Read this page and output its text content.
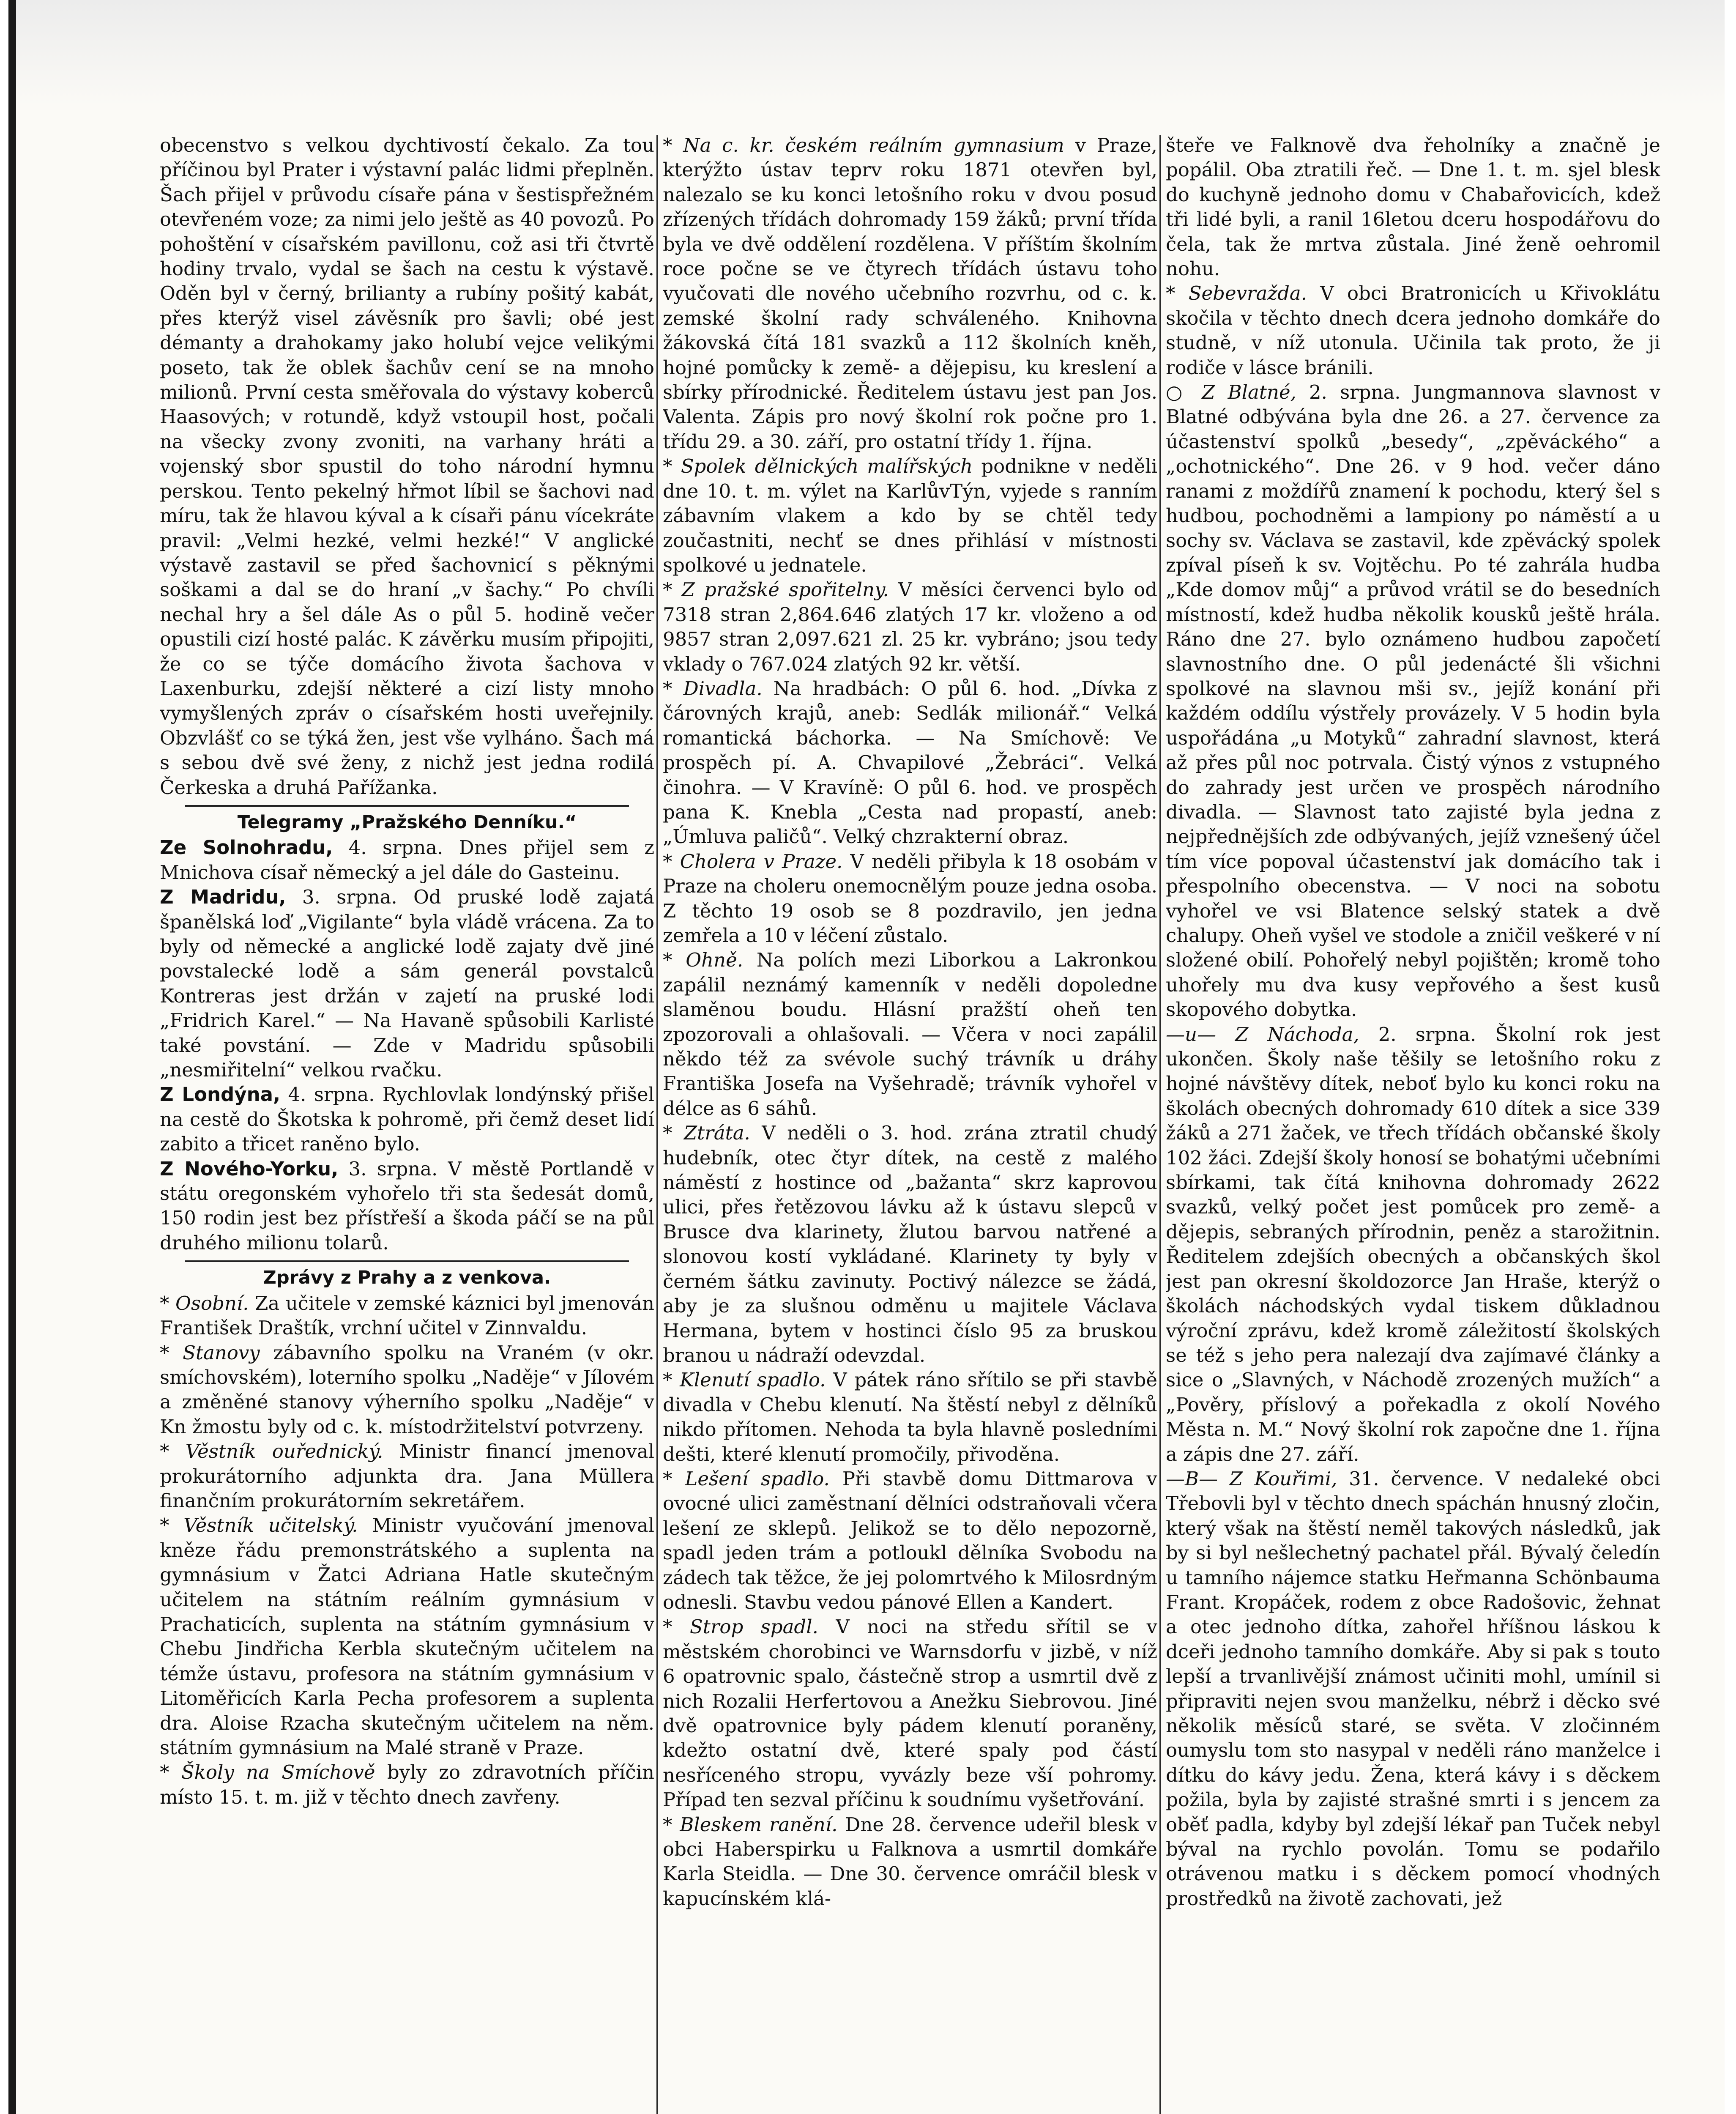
obecenstvo s velkou dychtivostí čekalo. Za tou příčinou byl Prater i výstavní palác lidmi přeplněn. Šach přijel v průvodu císaře pána v šestispřežném otevřeném voze; za nimi jelo ještě as 40 povozů. Po pohoštění v císařském pavillonu, což asi tři čtvrtě hodiny trvalo, vydal se šach na cestu k výstavě. Oděn byl v černý, brilianty a rubíny pošitý kabát, přes kterýž visel závěsník pro šavli; obé jest démanty a drahokamy jako holubí vejce velikými poseto, tak že oblek šachův cení se na mnoho milionů. První cesta směřovala do výstavy koberců Haasových; v rotundě, když vstoupil host, počali na všecky zvony zvoniti, na varhany hráti a vojenský sbor spustil do toho národní hymnu perskou. Tento pekelný hřmot líbil se šachovi nad míru, tak že hlavou kýval a k císaři pánu vícekráte pravil: „Velmi hezké, velmi hezké!“ V anglické výstavě zastavil se před šachovnicí s pěknými soškami a dal se do hraní „v šachy.“ Po chvíli nechal hry a šel dále As o půl 5. hodině večer opustili cizí hosté palác. K závěrku musím připojiti, že co se týče domácího života šachova v Laxenburku, zdejší některé a cizí listy mnoho vymyšlených zpráv o císařském hosti uveřejnily. Obzvlášť co se týká žen, jest vše vylháno. Šach má s sebou dvě své ženy, z nichž jest jedna rodilá Čerkeska a druhá Pařížanka.

Telegramy „Pražského Denníku.“

Ze Solnohradu, 4. srpna. Dnes přijel sem z Mnichova císař německý a jel dále do Gasteinu.

Z Madridu, 3. srpna. Od pruské lodě zajatá španělská loď „Vigilante“ byla vládě vrácena. Za to byly od německé a anglické lodě zajaty dvě jiné povstalecké lodě a sám generál povstalců Kontreras jest držán v zajetí na pruské lodi „Fridrich Karel.“ — Na Havaně spůsobili Karlisté také povstání. — Zde v Madridu spůsobili „nesmiřitelní“ velkou rvačku.

Z Londýna, 4. srpna. Rychlovlak londýnský přišel na cestě do Škotska k pohromě, při čemž deset lidí zabito a třicet raněno bylo.

Z Nového-Yorku, 3. srpna. V městě Portlandě v státu oregonském vyhořelo tři sta šedesát domů, 150 rodin jest bez přístřeší a škoda páčí se na půl druhého milionu tolarů.

Zprávy z Prahy a z venkova.

* Osobní. Za učitele v zemské káznici byl jmenován František Draštík, vrchní učitel v Zinnvaldu.

* Stanovy zábavního spolku na Vraném (v okr. smíchovském), loterního spolku „Naděje“ v Jílovém a změněné stanovy výherního spolku „Naděje“ v Kn žmostu byly od c. k. místodržitelství potvrzeny.

* Věstník ouřednický. Ministr financí jmenoval prokurátorního adjunkta dra. Jana Müllera finančním prokurátorním sekretářem.

* Věstník učitelský. Ministr vyučování jmenoval kněze řádu premonstrátského a suplenta na gymnásium v Žatci Adriana Hatle skutečným učitelem na státním reálním gymnásium v Prachaticích, suplenta na státním gymnásium v Chebu Jindřicha Kerbla skutečným učitelem na témže ústavu, profesora na státním gymnásium v Litoměřicích Karla Pecha profesorem a suplenta dra. Aloise Rzacha skutečným učitelem na něm. státním gymnásium na Malé straně v Praze.

* Školy na Smíchově byly zo zdravotních příčin místo 15. t. m. již v těchto dnech zavřeny.

* Na c. kr. českém reálním gymnasium v Praze, kterýžto ústav teprv roku 1871 otevřen byl, nalezalo se ku konci letošního roku v dvou posud zřízených třídách dohromady 159 žáků; první třída byla ve dvě oddělení rozdělena. V příštím školním roce počne se ve čtyrech třídách ústavu toho vyučovati dle nového učebního rozvrhu, od c. k. zemské školní rady schváleného. Knihovna žákovská čítá 181 svazků a 112 školních kněh, hojné pomůcky k země- a dějepisu, ku kreslení a sbírky přírodnické. Ředitelem ústavu jest pan Jos. Valenta. Zápis pro nový školní rok počne pro 1. třídu 29. a 30. září, pro ostatní třídy 1. října.

* Spolek dělnických malířských podnikne v neděli dne 10. t. m. výlet na KarlůvTýn, vyjede s ranním zábavním vlakem a kdo by se chtěl tedy zoučastniti, nechť se dnes přihlásí v místnosti spolkové u jednatele.

* Z pražské spořitelny. V měsíci červenci bylo od 7318 stran 2,864.646 zlatých 17 kr. vloženo a od 9857 stran 2,097.621 zl. 25 kr. vybráno; jsou tedy vklady o 767.024 zlatých 92 kr. větší.

* Divadla. Na hradbách: O půl 6. hod. „Dívka z čárovných krajů, aneb: Sedlák milionář.“ Velká romantická báchorka. — Na Smíchově: Ve prospěch pí. A. Chvapilové „Žebráci“. Velká činohra. — V Kravíně: O půl 6. hod. ve prospěch pana K. Knebla „Cesta nad propastí, aneb: „Úmluva paličů“. Velký chzrakterní obraz.

* Cholera v Praze. V neděli přibyla k 18 osobám v Praze na choleru onemocnělým pouze jedna osoba. Z těchto 19 osob se 8 pozdravilo, jen jedna zemřela a 10 v léčení zůstalo.

* Ohně. Na polích mezi Liborkou a Lakronkou zapálil neznámý kamenník v neděli dopoledne slaměnou boudu. Hlásní pražští oheň ten zpozorovali a ohlašovali. — Včera v noci zapálil někdo též za svévole suchý trávník u dráhy Františka Josefa na Vyšehradě; trávník vyhořel v délce as 6 sáhů.

* Ztráta. V neděli o 3. hod. zrána ztratil chudý hudebník, otec čtyr dítek, na cestě z malého náměstí z hostince od „bažanta“ skrz kaprovou ulici, přes řetězovou lávku až k ústavu slepců v Brusce dva klarinety, žlutou barvou natřené a slonovou kostí vykládané. Klarinety ty byly v černém šátku zavinuty. Poctivý nálezce se žádá, aby je za slušnou odměnu u majitele Václava Hermana, bytem v hostinci číslo 95 za bruskou branou u nádraží odevzdal.

* Klenutí spadlo. V pátek ráno sřítilo se při stavbě divadla v Chebu klenutí. Na štěstí nebyl z dělníků nikdo přítomen. Nehoda ta byla hlavně posledními dešti, které klenutí promočily, přivoděna.

* Lešení spadlo. Při stavbě domu Dittmarova v ovocné ulici zaměstnaní dělníci odstraňovali včera lešení ze sklepů. Jelikož se to dělo nepozorně, spadl jeden trám a potloukl dělníka Svobodu na zádech tak těžce, že jej polomrtvého k Milosrdným odnesli. Stavbu vedou pánové Ellen a Kandert.

* Strop spadl. V noci na středu sřítil se v městském chorobinci ve Warnsdorfu v jizbě, v níž 6 opatrovnic spalo, částečně strop a usmrtil dvě z nich Rozalii Herfertovou a Anežku Siebrovou. Jiné dvě opatrovnice byly pádem klenutí poraněny, kdežto ostatní dvě, které spaly pod částí nesříceného stropu, vyvázly beze vší pohromy. Případ ten sezval příčinu k soudnímu vyšetřování.

* Bleskem ranění. Dne 28. července udeřil blesk v obci Haberspirku u Falknova a usmrtil domkáře Karla Steidla. — Dne 30. července omráčil blesk v kapucínském klá-

šteře ve Falknově dva řeholníky a značně je popálil. Oba ztratili řeč. — Dne 1. t. m. sjel blesk do kuchyně jednoho domu v Chabařovicích, kdež tři lidé byli, a ranil 16letou dceru hospodářovu do čela, tak že mrtva zůstala. Jiné ženě oehromil nohu.

* Sebevražda. V obci Bratronicích u Křivoklátu skočila v těchto dnech dcera jednoho domkáře do studně, v níž utonula. Učinila tak proto, že ji rodiče v lásce bránili.

○ Z Blatné, 2. srpna. Jungmannova slavnost v Blatné odbývána byla dne 26. a 27. července za účastenství spolků „besedy“, „zpěváckého“ a „ochotnického“. Dne 26. v 9 hod. večer dáno ranami z moždířů znamení k pochodu, který šel s hudbou, pochodněmi a lampiony po náměstí a u sochy sv. Václava se zastavil, kde zpěvácký spolek zpíval píseň k sv. Vojtěchu. Po té zahrála hudba „Kde domov můj“ a průvod vrátil se do besedních místností, kdež hudba několik kousků ještě hrála. Ráno dne 27. bylo oznámeno hudbou započetí slavnostního dne. O půl jedenácté šli všichni spolkové na slavnou mši sv., jejíž konání při každém oddílu výstřely provázely. V 5 hodin byla uspořádána „u Motyků“ zahradní slavnost, která až přes půl noc potrvala. Čistý výnos z vstupného do zahrady jest určen ve prospěch národního divadla. — Slavnost tato zajisté byla jedna z nejpřednějších zde odbývaných, jejíž vznešený účel tím více popoval účastenství jak domácího tak i přespolního obecenstva. — V noci na sobotu vyhořel ve vsi Blatence selský statek a dvě chalupy. Oheň vyšel ve stodole a zničil veškeré v ní složené obilí. Pohořelý nebyl pojištěn; kromě toho uhořely mu dva kusy vepřového a šest kusů skopového dobytka.

—u— Z Náchoda, 2. srpna. Školní rok jest ukončen. Školy naše těšily se letošního roku z hojné návštěvy dítek, neboť bylo ku konci roku na školách obecných dohromady 610 dítek a sice 339 žáků a 271 žaček, ve třech třídách občanské školy 102 žáci. Zdejší školy honosí se bohatými učebními sbírkami, tak čítá knihovna dohromady 2622 svazků, velký počet jest pomůcek pro země- a dějepis, sebraných přírodnin, peněz a starožitnin. Ředitelem zdejších obecných a občanských škol jest pan okresní školdozorce Jan Hraše, kterýž o školách náchodských vydal tiskem důkladnou výroční zprávu, kdež kromě záležitostí školských se též s jeho pera nalezají dva zajímavé články a sice o „Slavných, v Náchodě zrozených mužích“ a „Pověry, příslový a pořekadla z okolí Nového Města n. M.“ Nový školní rok započne dne 1. října a zápis dne 27. září.

—B— Z Kouřimi, 31. července. V nedaleké obci Třebovli byl v těchto dnech spáchán hnusný zločin, který však na štěstí neměl takových následků, jak by si byl nešlechetný pachatel přál. Bývalý čeledín u tamního nájemce statku Heřmanna Schönbauma Frant. Kropáček, rodem z obce Radošovic, žehnat a otec jednoho dítka, zahořel hříšnou láskou k dceři jednoho tamního domkáře. Aby si pak s touto lepší a trvanlivější známost učiniti mohl, umínil si připraviti nejen svou manželku, nébrž i děcko své několik měsíců staré, se světa. V zločinném oumyslu tom sto nasypal v neděli ráno manželce i dítku do kávy jedu. Žena, která kávy i s děckem požila, byla by zajisté strašné smrti i s jencem za oběť padla, kdyby byl zdejší lékař pan Tuček nebyl býval na rychlo povolán. Tomu se podařilo otrávenou matku i s děckem pomocí vhodných prostředků na životě zachovati, jež
